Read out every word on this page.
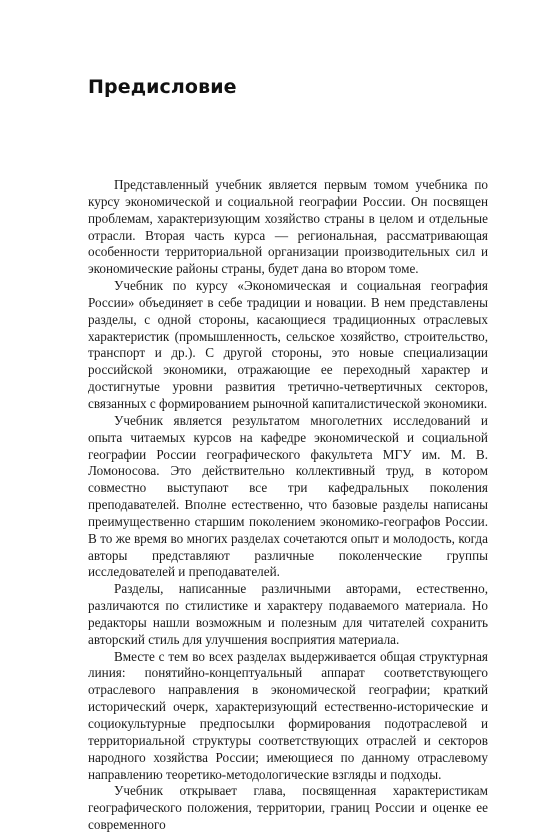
Предисловие

Представленный учебник является первым томом учебника по курсу экономической и социальной географии России. Он посвящен проблемам, характеризующим хозяйство страны в целом и отдельные отрасли. Вторая часть курса — региональная, рассматривающая особенности территориальной организации производительных сил и экономические районы страны, будет дана во втором томе.

Учебник по курсу «Экономическая и социальная география России» объединяет в себе традиции и новации. В нем представлены разделы, с одной стороны, касающиеся традиционных отраслевых характеристик (промышленность, сельское хозяйство, строительство, транспорт и др.). С другой стороны, это новые специализации российской экономики, отражающие ее переходный характер и достигнутые уровни развития третично-четвертичных секторов, связанных с формированием рыночной капиталистической экономики.

Учебник является результатом многолетних исследований и опыта читаемых курсов на кафедре экономической и социальной географии России географического факультета МГУ им. М. В. Ломоносова. Это действительно коллективный труд, в котором совместно выступают все три кафедральных поколения преподавателей. Вполне естественно, что базовые разделы написаны преимущественно старшим поколением экономико-географов России. В то же время во многих разделах сочетаются опыт и молодость, когда авторы представляют различные поколенческие группы исследователей и преподавателей.

Разделы, написанные различными авторами, естественно, различаются по стилистике и характеру подаваемого материала. Но редакторы нашли возможным и полезным для читателей сохранить авторский стиль для улучшения восприятия материала.

Вместе с тем во всех разделах выдерживается общая структурная линия: понятийно-концептуальный аппарат соответствующего отраслевого направления в экономической географии; краткий исторический очерк, характеризующий естественно-исторические и социокультурные предпосылки формирования подотраслевой и территориальной структуры соответствующих отраслей и секторов народного хозяйства России; имеющиеся по данному отраслевому направлению теоретико-методологические взгляды и подходы.

Учебник открывает глава, посвященная характеристикам географического положения, территории, границ России и оценке ее современного
